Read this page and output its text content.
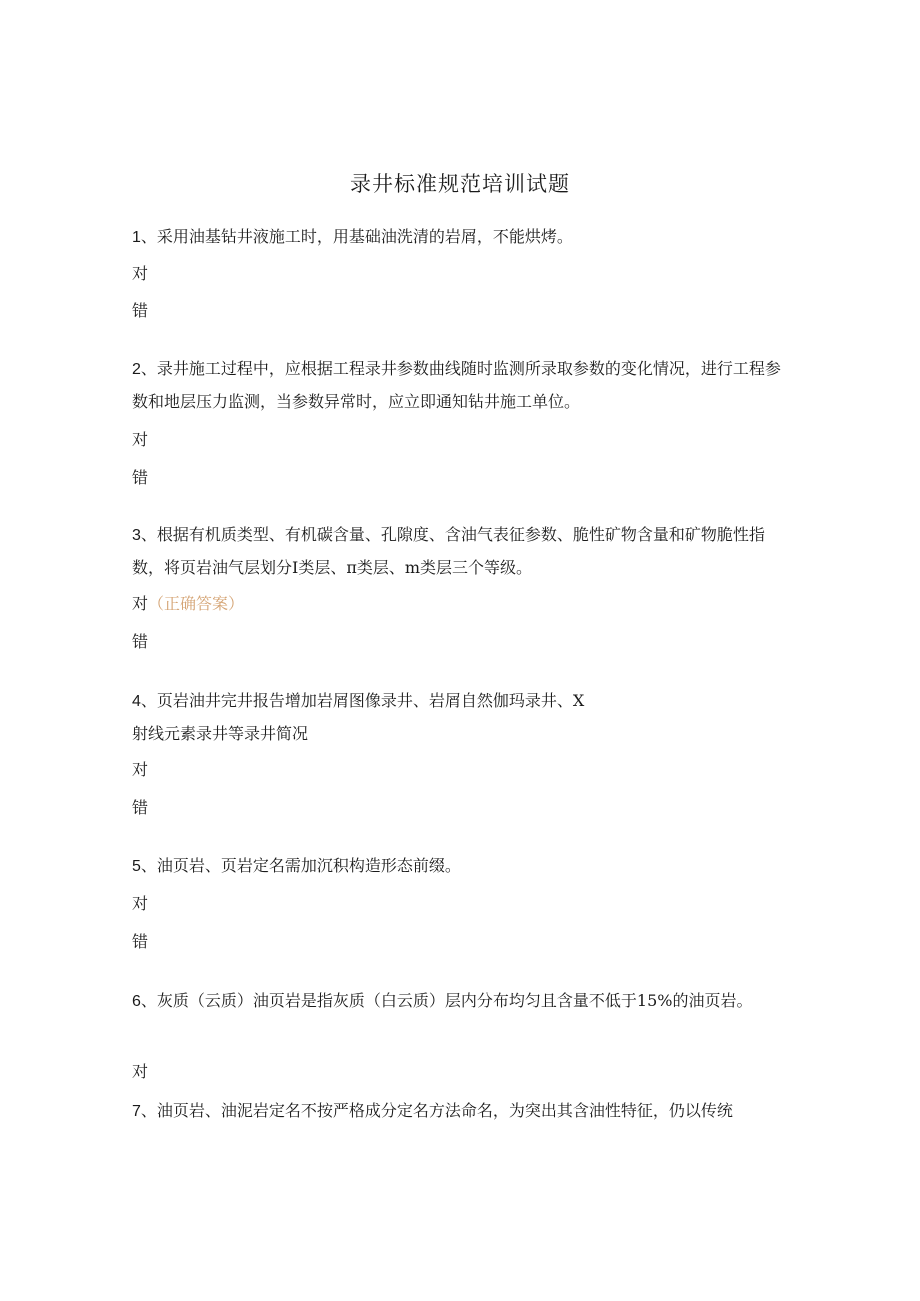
录井标准规范培训试题

1、采用油基钻井液施工时，用基础油洗清的岩屑，不能烘烤。

对
错

2、录井施工过程中，应根据工程录井参数曲线随时监测所录取参数的变化情况，进行工程参数和地层压力监测，当参数异常时，应立即通知钻井施工单位。

对
错

3、根据有机质类型、有机碳含量、孔隙度、含油气表征参数、脆性矿物含量和矿物脆性指数，将页岩油气层划分I类层、π类层、m类层三个等级。

对（正确答案）
错

4、页岩油井完井报告增加岩屑图像录井、岩屑自然伽玛录井、X
射线元素录井等录井简况

对
错

5、油页岩、页岩定名需加沉积构造形态前缀。

对
错

6、灰质（云质）油页岩是指灰质（白云质）层内分布均匀且含量不低于15%的油页岩。

对

7、油页岩、油泥岩定名不按严格成分定名方法命名，为突出其含油性特征，仍以传统
